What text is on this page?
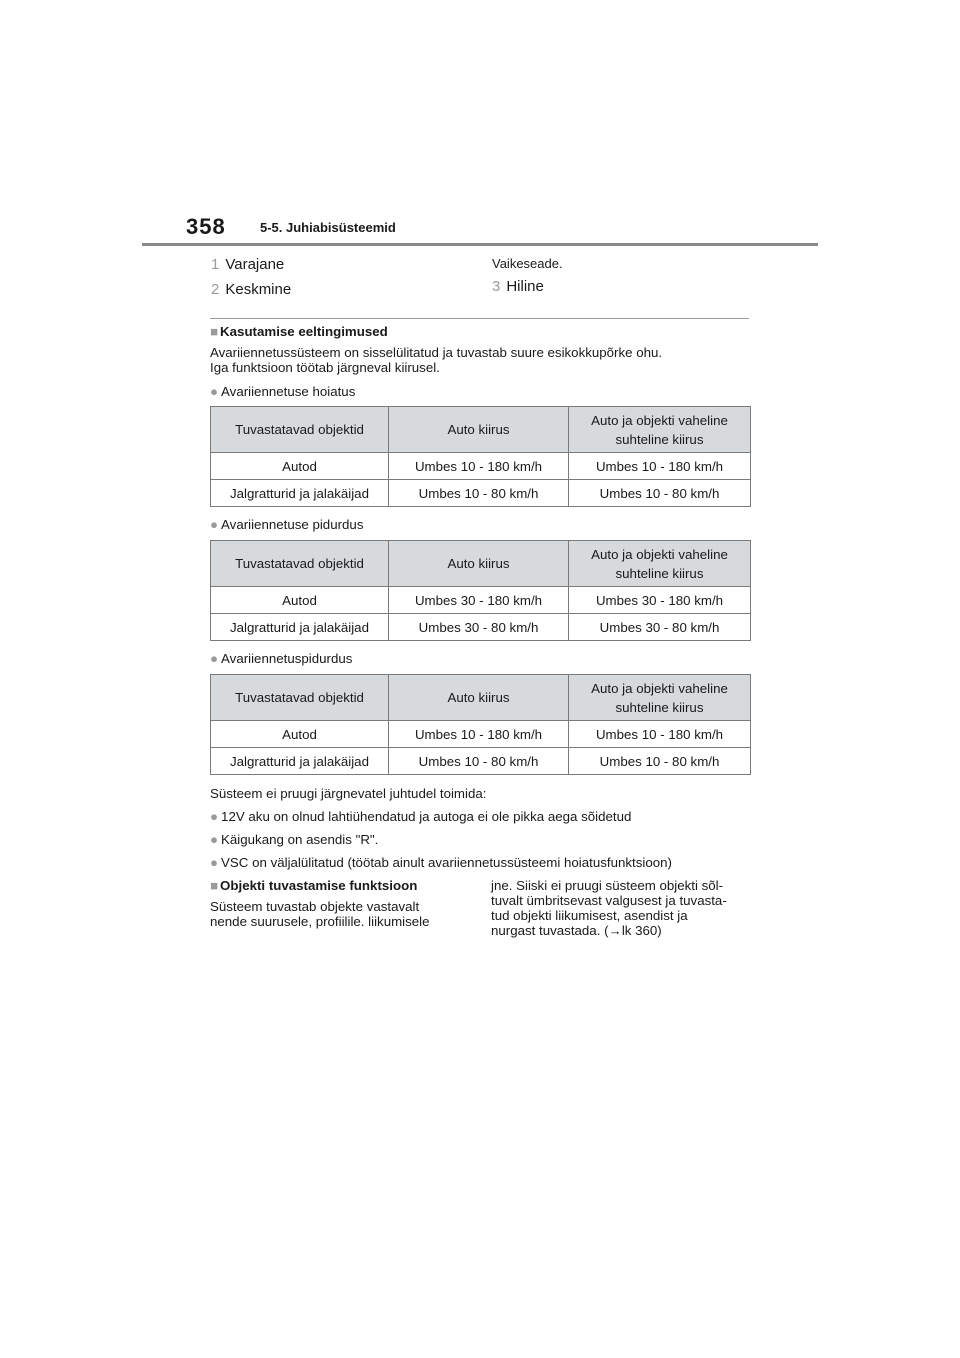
358	5-5. Juhiabisüsteemid
1 Varajane
2 Keskmine
Vaikeseade.
3 Hiline
■ Kasutamise eeltingimused
Avariiennetussüsteem on sisselülitatud ja tuvastab suure esikokkupõrke ohu.
Iga funktsioon töötab järgneval kiirusel.
● Avariiennetuse hoiatus
Tuvastatavad objektid	Auto kiirus	Auto ja objekti vaheline suhteline kiirus
Autod	Umbes 10 - 180 km/h	Umbes 10 - 180 km/h
Jalgratturid ja jalakäijad	Umbes 10 - 80 km/h	Umbes 10 - 80 km/h
● Avariiennetuse pidurdus
Tuvastatavad objektid	Auto kiirus	Auto ja objekti vaheline suhteline kiirus
Autod	Umbes 30 - 180 km/h	Umbes 30 - 180 km/h
Jalgratturid ja jalakäijad	Umbes 30 - 80 km/h	Umbes 30 - 80 km/h
● Avariiennetuspidurdus
Tuvastatavad objektid	Auto kiirus	Auto ja objekti vaheline suhteline kiirus
Autod	Umbes 10 - 180 km/h	Umbes 10 - 180 km/h
Jalgratturid ja jalakäijad	Umbes 10 - 80 km/h	Umbes 10 - 80 km/h
Süsteem ei pruugi järgnevatel juhtudel toimida:
● 12V aku on olnud lahtiühendatud ja autoga ei ole pikka aega sõidetud
● Käigukang on asendis "R".
● VSC on väljalülitatud (töötab ainult avariiennetussüsteemi hoiatusfunktsioon)
■ Objekti tuvastamise funktsioon
Süsteem tuvastab objekte vastavalt
nende suurusele, profiilile. liikumisele
jne. Siiski ei pruugi süsteem objekti sõl-
tuvalt ümbritsevast valgusest ja tuvasta-
tud objekti liikumisest, asendist ja
nurgast tuvastada. (→lk 360)
